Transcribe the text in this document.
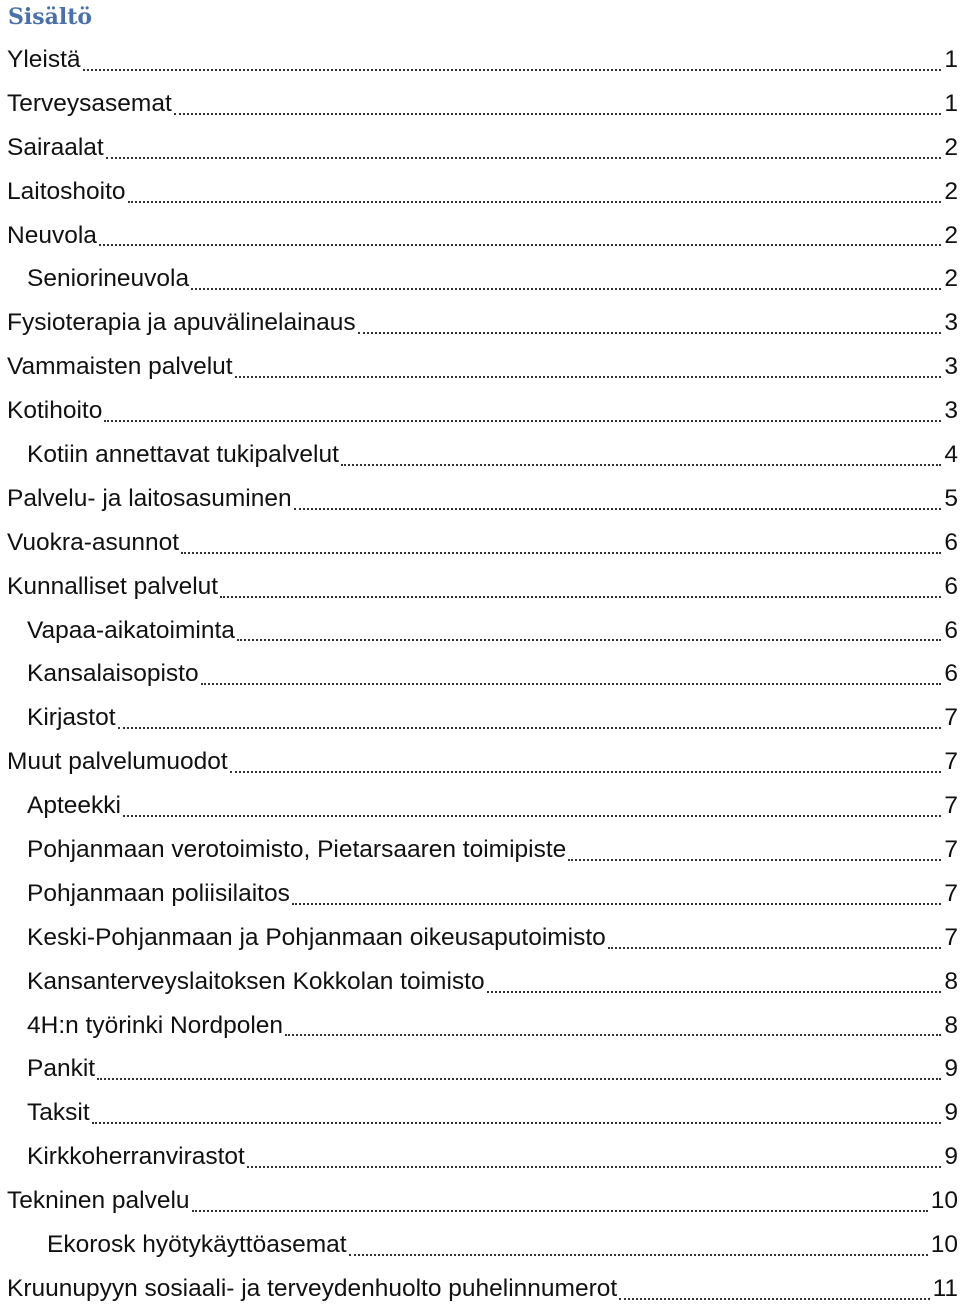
Sisältö
Yleistä	1
Terveysasemat	1
Sairaalat	2
Laitoshoito	2
Neuvola	2
Seniorineuvola	2
Fysioterapia ja apuvälinelainaus	3
Vammaisten palvelut	3
Kotihoito	3
Kotiin annettavat tukipalvelut	4
Palvelu- ja laitosasuminen	5
Vuokra-asunnot	6
Kunnalliset palvelut	6
Vapaa-aikatoiminta	6
Kansalaisopisto	6
Kirjastot	7
Muut palvelumuodot	7
Apteekki	7
Pohjanmaan verotoimisto, Pietarsaaren toimipiste	7
Pohjanmaan poliisilaitos	7
Keski-Pohjanmaan ja Pohjanmaan oikeusaputoimisto	7
Kansanterveyslaitoksen Kokkolan toimisto	8
4H:n työrinki Nordpolen	8
Pankit	9
Taksit	9
Kirkkoherranvirastot	9
Tekninen palvelu	10
Ekorosk hyötykäyttöasemat	10
Kruunupyyn sosiaali- ja terveydenhuolto puhelinnumerot	11
